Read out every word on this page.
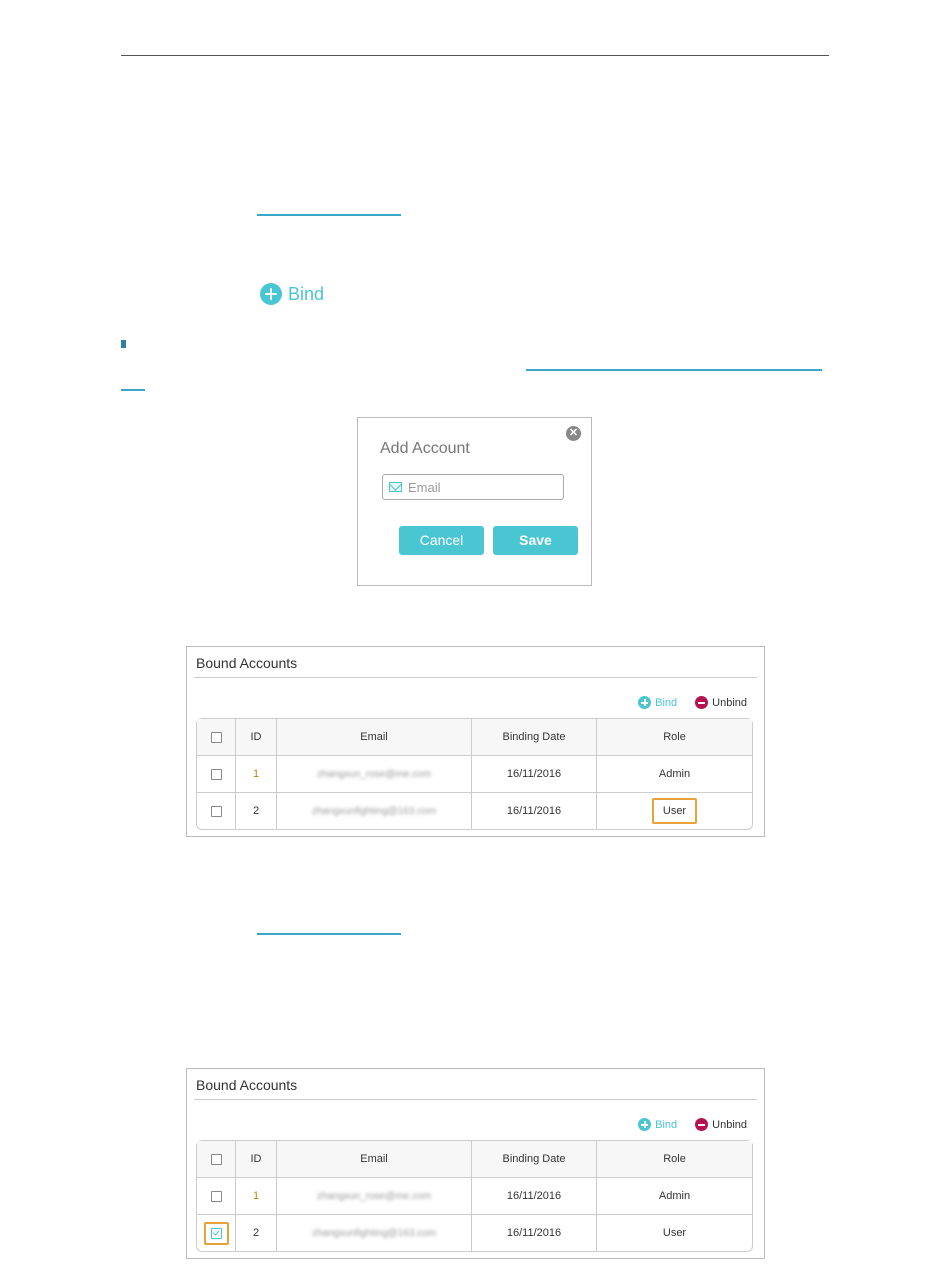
Bind
Add Account
✕
Email
Cancel	Save
Bound Accounts
Bind	Unbind
	ID	Email	Binding Date	Role
	1	zhangxun_rose@me.com	16/11/2016	Admin
	2	zhangxunfighting@163.com	16/11/2016	User
Bound Accounts
Bind	Unbind
	ID	Email	Binding Date	Role
	1	zhangxun_rose@me.com	16/11/2016	Admin
	2	zhangxunfighting@163.com	16/11/2016	User
